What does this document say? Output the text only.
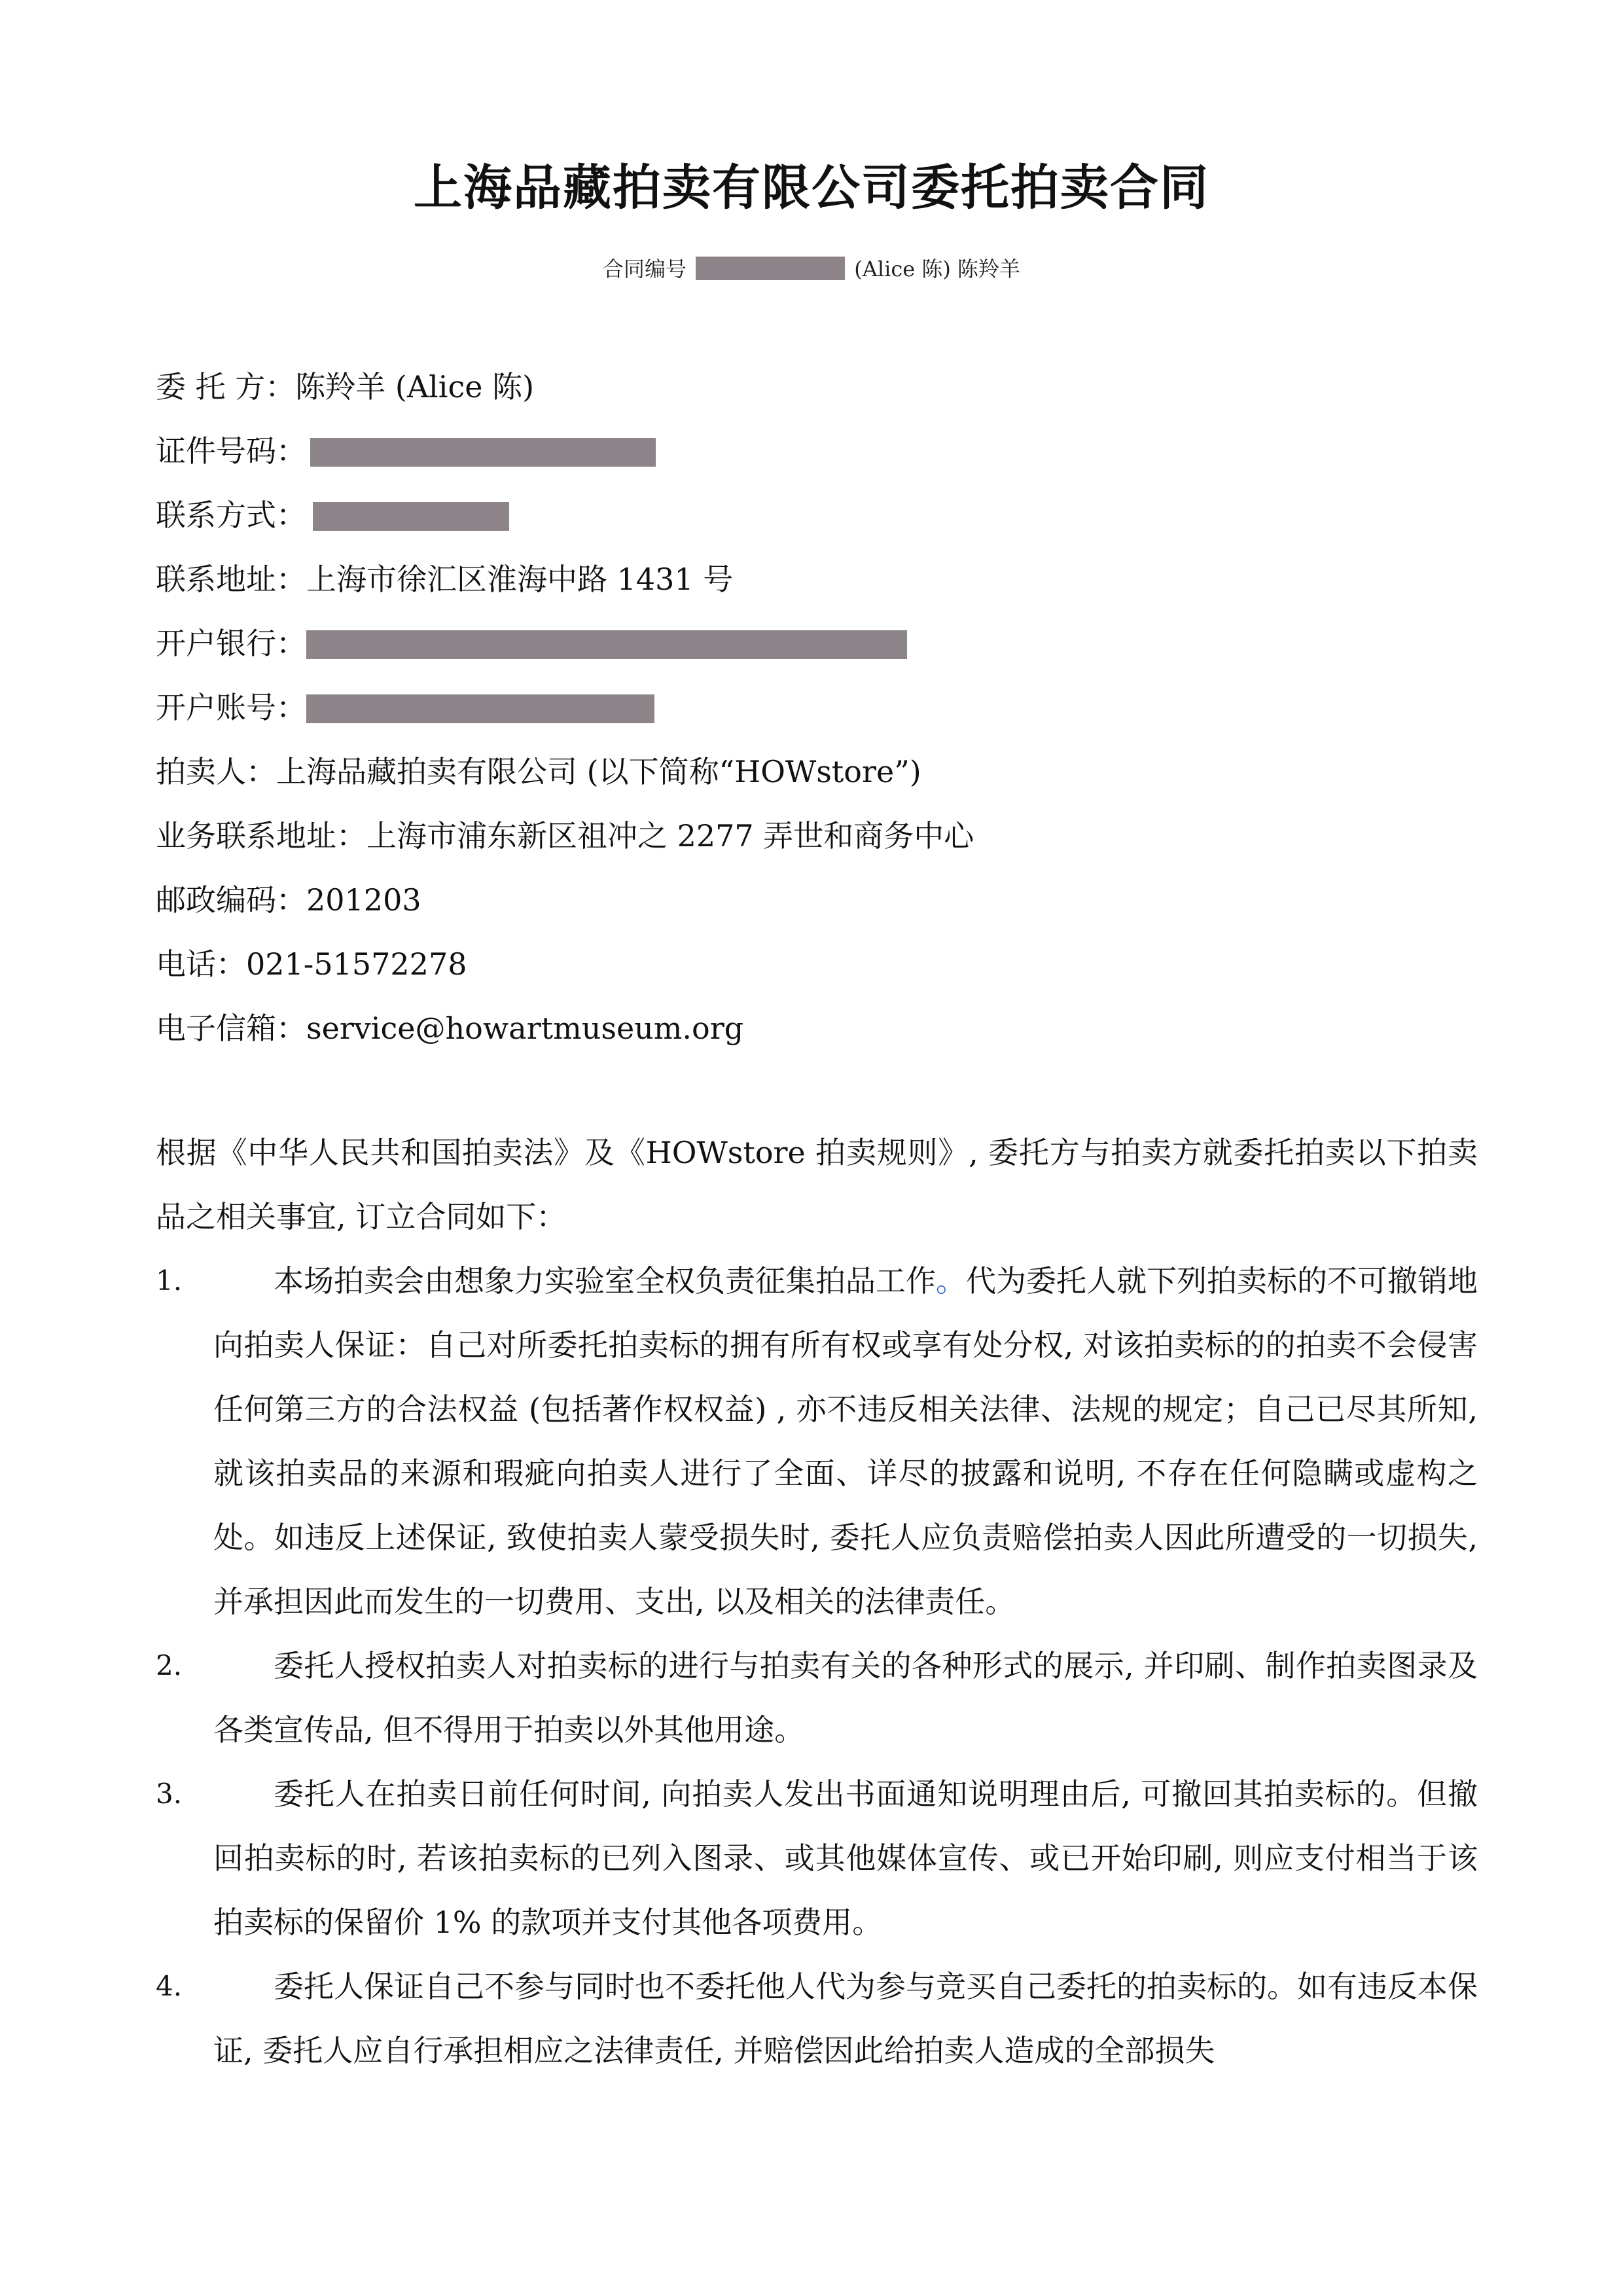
上海品藏拍卖有限公司委托拍卖合同
合同编号	(Alice 陈) 陈羚羊
委 托 方：陈羚羊 (Alice 陈)
证件号码：
联系方式：
联系地址：上海市徐汇区淮海中路 1431 号
开户银行：
开户账号：
拍卖人：上海品藏拍卖有限公司 (以下简称“HOWstore”)
业务联系地址：上海市浦东新区祖冲之 2277 弄世和商务中心
邮政编码：201203
电话：021-51572278
电子信箱：service@howartmuseum.org

根据《中华人民共和国拍卖法》及《HOWstore 拍卖规则》, 委托方与拍卖方就委托拍卖以下拍卖品之相关事宜, 订立合同如下：

1.	本场拍卖会由想象力实验室全权负责征集拍品工作。代为委托人就下列拍卖标的不可撤销地向拍卖人保证：自己对所委托拍卖标的拥有所有权或享有处分权, 对该拍卖标的的拍卖不会侵害任何第三方的合法权益 (包括著作权权益) , 亦不违反相关法律、法规的规定；自己已尽其所知, 就该拍卖品的来源和瑕疵向拍卖人进行了全面、详尽的披露和说明, 不存在任何隐瞒或虚构之处。如违反上述保证, 致使拍卖人蒙受损失时, 委托人应负责赔偿拍卖人因此所遭受的一切损失, 并承担因此而发生的一切费用、支出, 以及相关的法律责任。
2.	委托人授权拍卖人对拍卖标的进行与拍卖有关的各种形式的展示, 并印刷、制作拍卖图录及各类宣传品, 但不得用于拍卖以外其他用途。
3.	委托人在拍卖日前任何时间, 向拍卖人发出书面通知说明理由后, 可撤回其拍卖标的。但撤回拍卖标的时, 若该拍卖标的已列入图录、或其他媒体宣传、或已开始印刷, 则应支付相当于该拍卖标的保留价 1% 的款项并支付其他各项费用。
4.	委托人保证自己不参与同时也不委托他人代为参与竞买自己委托的拍卖标的。如有违反本保证, 委托人应自行承担相应之法律责任, 并赔偿因此给拍卖人造成的全部损失
